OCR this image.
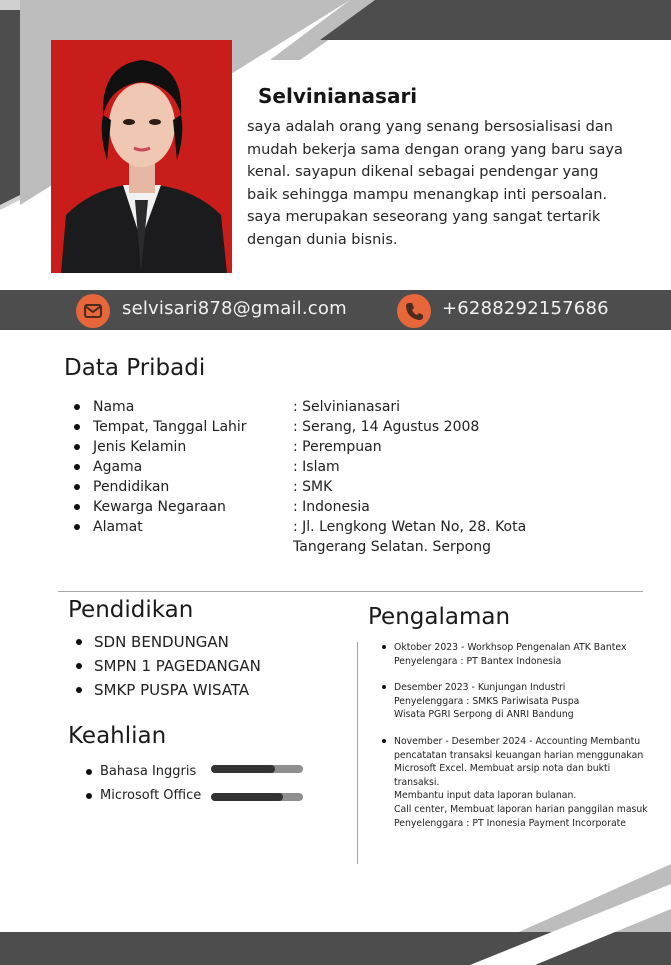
Selvinianasari
saya adalah orang yang senang bersosialisasi dan
mudah bekerja sama dengan orang yang baru saya
kenal. sayapun dikenal sebagai pendengar yang
baik sehingga mampu menangkap inti persoalan.
saya merupakan seseorang yang sangat tertarik
dengan dunia bisnis.
selvisari878@gmail.com	+6288292157686
Data Pribadi
Nama	: Selvinianasari
Tempat, Tanggal Lahir	: Serang, 14 Agustus 2008
Jenis Kelamin	: Perempuan
Agama	: Islam
Pendidikan	: SMK
Kewarga Negaraan	: Indonesia
Alamat	: Jl. Lengkong Wetan No, 28. Kota
Tangerang Selatan. Serpong
Pendidikan
SDN BENDUNGAN
SMPN 1 PAGEDANGAN
SMKP PUSPA WISATA
Keahlian
Bahasa Inggris
Microsoft Office
Pengalaman
Oktober 2023 - Workhsop Pengenalan ATK Bantex
Penyelengara : PT Bantex Indonesia
Desember 2023 - Kunjungan Industri
Penyelenggara : SMKS Pariwisata Puspa
Wisata PGRI Serpong di ANRI Bandung
November - Desember 2024 - Accounting Membantu
pencatatan transaksi keuangan harian menggunakan
Microsoft Excel. Membuat arsip nota dan bukti
transaksi.
Membantu input data laporan bulanan.
Call center, Membuat laporan harian panggilan masuk
Penyelenggara : PT Inonesia Payment Incorporate
